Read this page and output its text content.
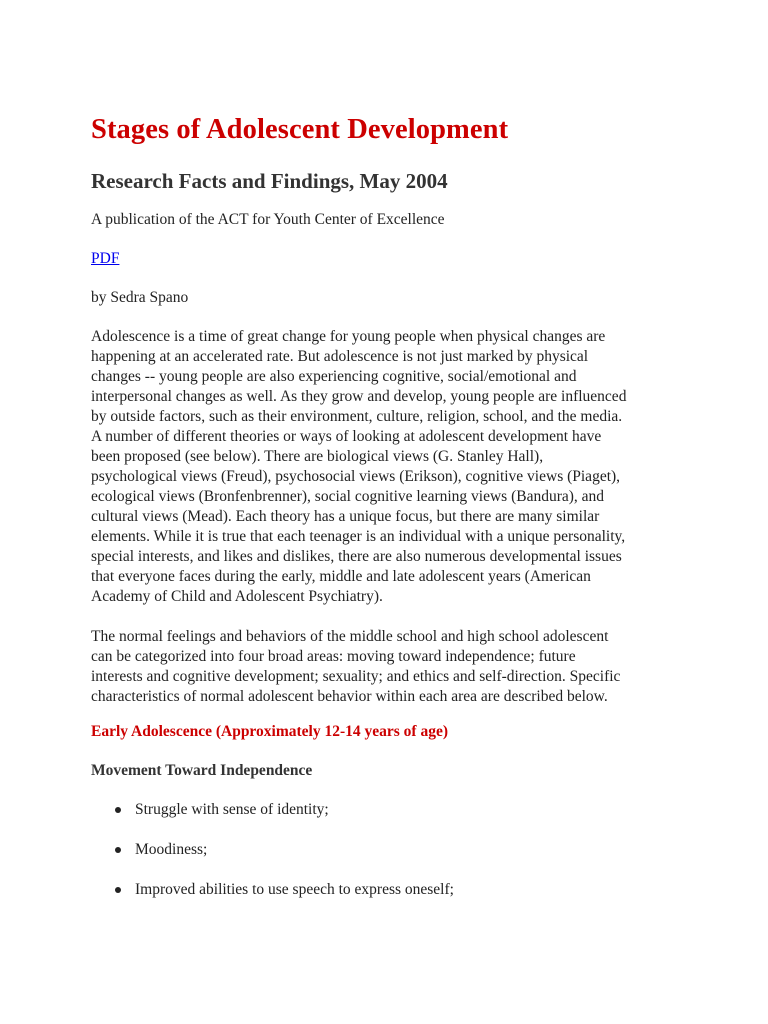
Stages of Adolescent Development
Research Facts and Findings, May 2004
A publication of the ACT for Youth Center of Excellence
PDF
by Sedra Spano

Adolescence is a time of great change for young people when physical changes are
happening at an accelerated rate. But adolescence is not just marked by physical
changes -- young people are also experiencing cognitive, social/emotional and
interpersonal changes as well. As they grow and develop, young people are influenced
by outside factors, such as their environment, culture, religion, school, and the media.
A number of different theories or ways of looking at adolescent development have
been proposed (see below). There are biological views (G. Stanley Hall),
psychological views (Freud), psychosocial views (Erikson), cognitive views (Piaget),
ecological views (Bronfenbrenner), social cognitive learning views (Bandura), and
cultural views (Mead). Each theory has a unique focus, but there are many similar
elements. While it is true that each teenager is an individual with a unique personality,
special interests, and likes and dislikes, there are also numerous developmental issues
that everyone faces during the early, middle and late adolescent years (American
Academy of Child and Adolescent Psychiatry).

The normal feelings and behaviors of the middle school and high school adolescent
can be categorized into four broad areas: moving toward independence; future
interests and cognitive development; sexuality; and ethics and self-direction. Specific
characteristics of normal adolescent behavior within each area are described below.

Early Adolescence (Approximately 12-14 years of age)
Movement Toward Independence
Struggle with sense of identity;
Moodiness;
Improved abilities to use speech to express oneself;
